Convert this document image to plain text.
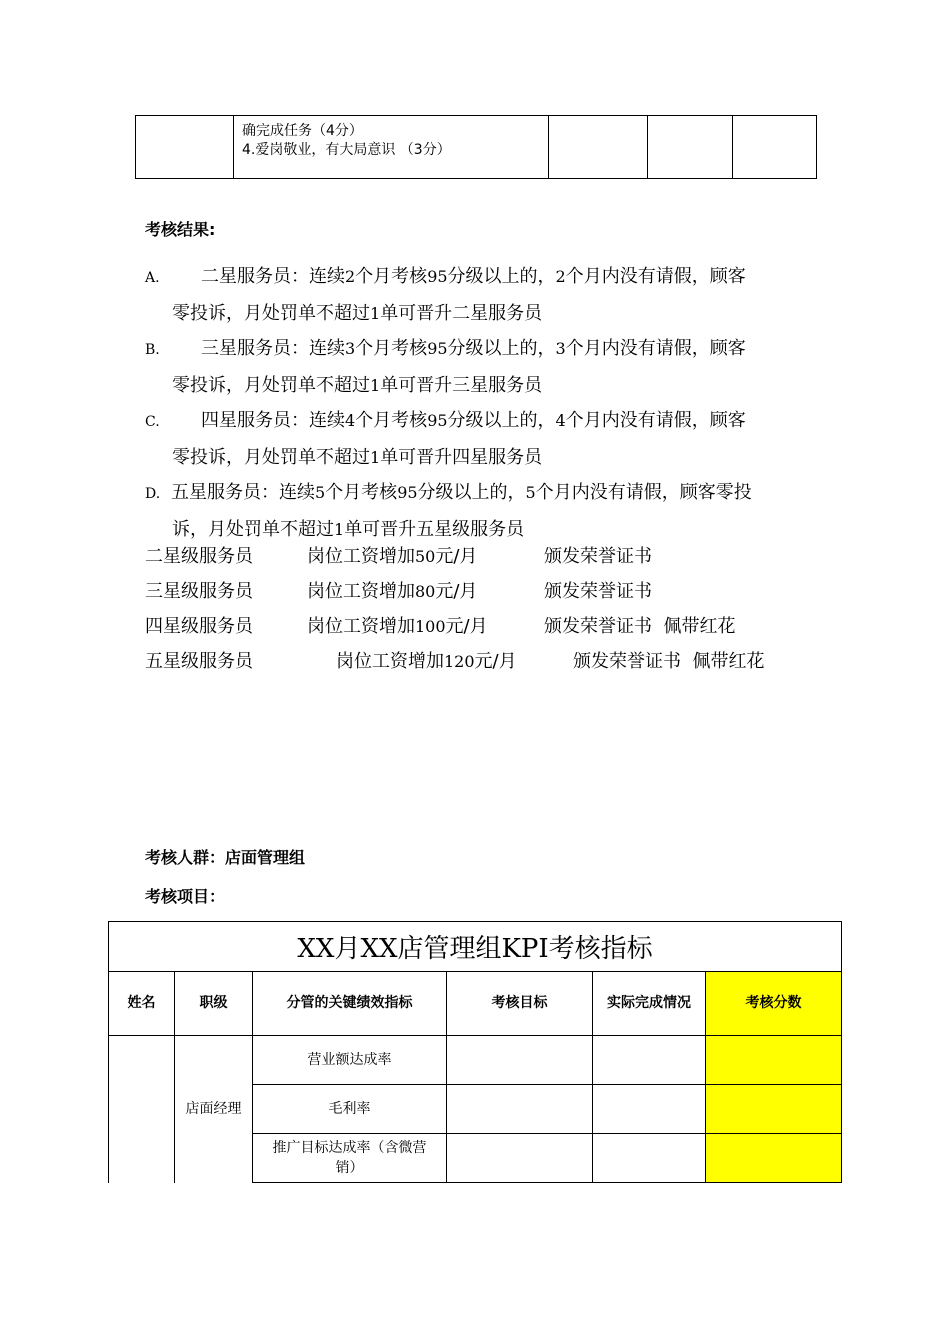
确完成任务（4分）
4.爱岗敬业，有大局意识 （3分）

考核结果:
A. 二星服务员：连续2个月考核95分级以上的，2个月内没有请假，顾客
零投诉，月处罚单不超过1单可晋升二星服务员
B. 三星服务员：连续3个月考核95分级以上的，3个月内没有请假，顾客
零投诉，月处罚单不超过1单可晋升三星服务员
C. 四星服务员：连续4个月考核95分级以上的，4个月内没有请假，顾客
零投诉，月处罚单不超过1单可晋升四星服务员
D. 五星服务员：连续5个月考核95分级以上的，5个月内没有请假，顾客零投
诉，月处罚单不超过1单可晋升五星级服务员
二星级服务员	岗位工资增加50元/月	颁发荣誉证书
三星级服务员	岗位工资增加80元/月	颁发荣誉证书
四星级服务员	岗位工资增加100元/月	颁发荣誉证书  佩带红花
五星级服务员	岗位工资增加120元/月	颁发荣誉证书  佩带红花
考核人群：店面管理组
考核项目：
XX月XX店管理组KPI考核指标					
姓名	职级	分管的关键绩效指标	考核目标	实际完成情况	考核分数

	店面经理	营业额达成率			
		毛利率			

		推广目标达成率（含微营销）			
